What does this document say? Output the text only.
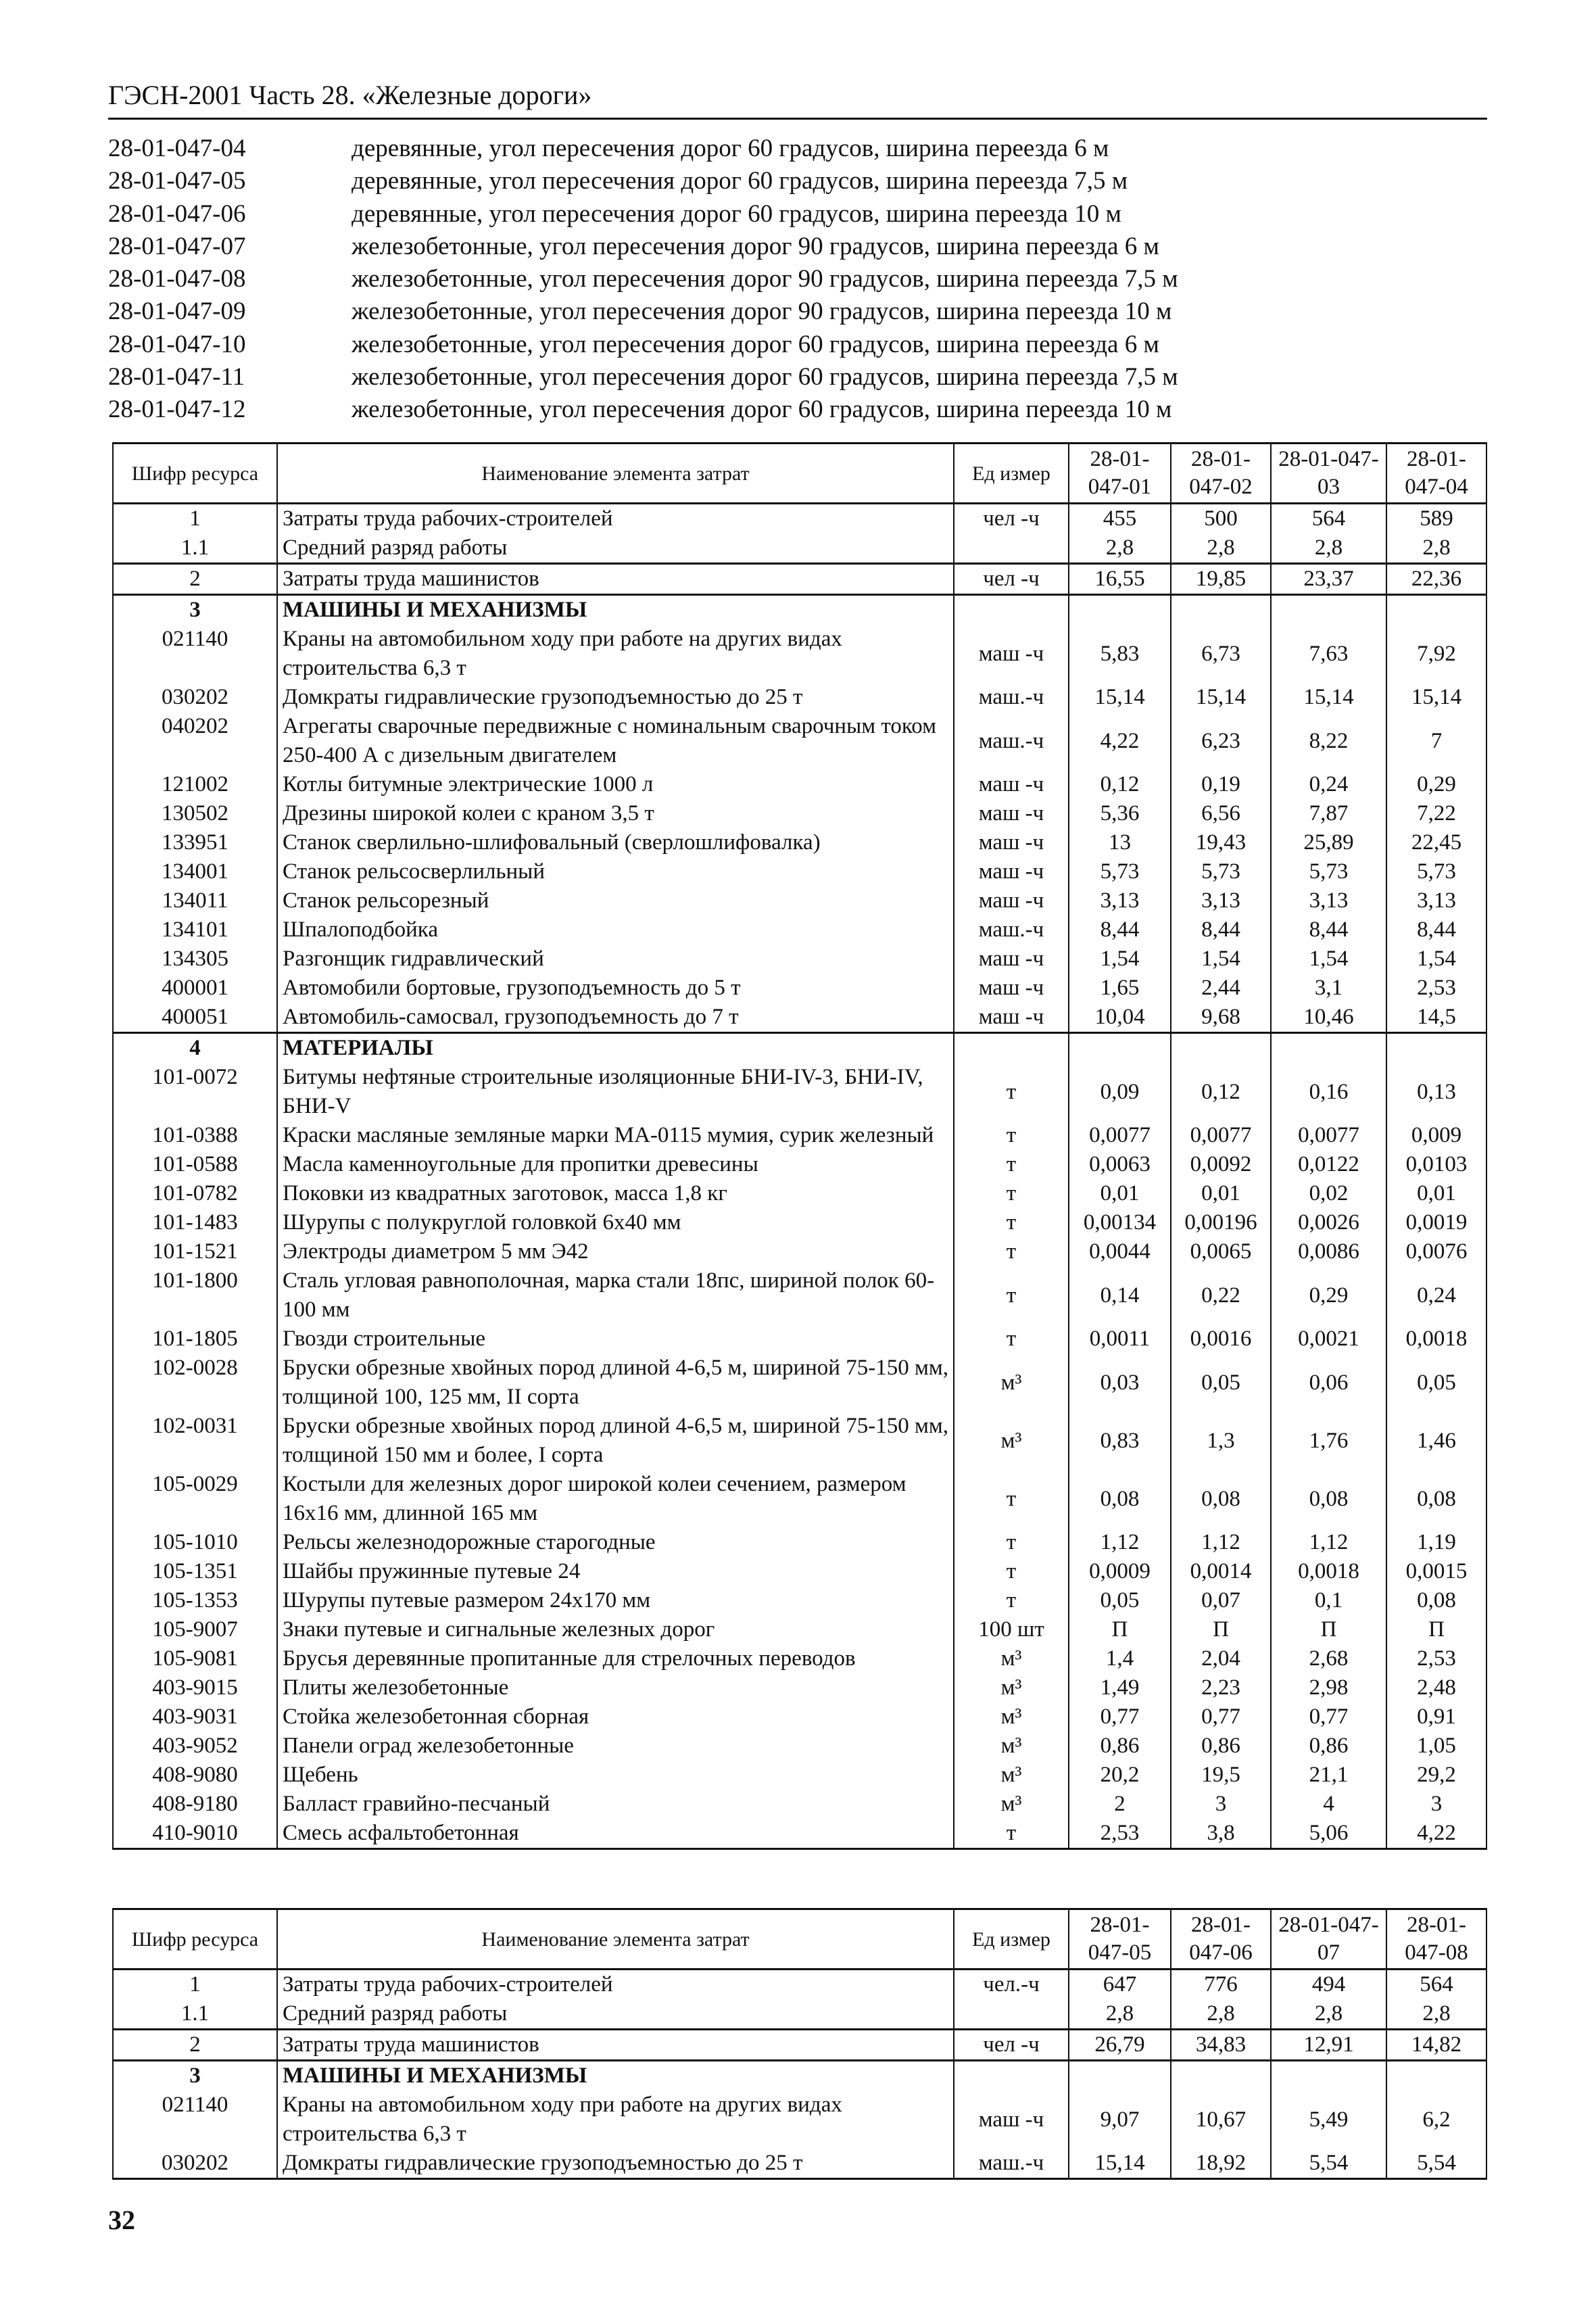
ГЭСН-2001 Часть 28. «Железные дороги»
28-01-047-04	деревянные, угол пересечения дорог 60 градусов, ширина переезда 6 м
28-01-047-05	деревянные, угол пересечения дорог 60 градусов, ширина переезда 7,5 м
28-01-047-06	деревянные, угол пересечения дорог 60 градусов, ширина переезда 10 м
28-01-047-07	железобетонные, угол пересечения дорог 90 градусов, ширина переезда 6 м
28-01-047-08	железобетонные, угол пересечения дорог 90 градусов, ширина переезда 7,5 м
28-01-047-09	железобетонные, угол пересечения дорог 90 градусов, ширина переезда 10 м
28-01-047-10	железобетонные, угол пересечения дорог 60 градусов, ширина переезда 6 м
28-01-047-11	железобетонные, угол пересечения дорог 60 градусов, ширина переезда 7,5 м
28-01-047-12	железобетонные, угол пересечения дорог 60 градусов, ширина переезда 10 м
Шифр ресурса	Наименование элемента затрат	Ед измер	28-01-047-01	28-01-047-02	28-01-047-03	28-01-047-04
1	Затраты труда рабочих-строителей	чел -ч	455	500	564	589
1.1	Средний разряд работы		2,8	2,8	2,8	2,8
2	Затраты труда машинистов	чел -ч	16,55	19,85	23,37	22,36
3	МАШИНЫ И МЕХАНИЗМЫ					
021140	Краны на автомобильном ходу при работе на других видах строительства 6,3 т	маш -ч	5,83	6,73	7,63	7,92
030202	Домкраты гидравлические грузоподъемностью до 25 т	маш.-ч	15,14	15,14	15,14	15,14
040202	Агрегаты сварочные передвижные с номинальным сварочным током 250-400 А с дизельным двигателем	маш.-ч	4,22	6,23	8,22	7
121002	Котлы битумные электрические 1000 л	маш -ч	0,12	0,19	0,24	0,29
130502	Дрезины широкой колеи с краном 3,5 т	маш -ч	5,36	6,56	7,87	7,22
133951	Станок сверлильно-шлифовальный (сверлошлифовалка)	маш -ч	13	19,43	25,89	22,45
134001	Станок рельсосверлильный	маш -ч	5,73	5,73	5,73	5,73
134011	Станок рельсорезный	маш -ч	3,13	3,13	3,13	3,13
134101	Шпалоподбойка	маш.-ч	8,44	8,44	8,44	8,44
134305	Разгонщик гидравлический	маш -ч	1,54	1,54	1,54	1,54
400001	Автомобили бортовые, грузоподъемность до 5 т	маш -ч	1,65	2,44	3,1	2,53
400051	Автомобиль-самосвал, грузоподъемность до 7 т	маш -ч	10,04	9,68	10,46	14,5
4	МАТЕРИАЛЫ					
101-0072	Битумы нефтяные строительные изоляционные БНИ-IV-3, БНИ-IV, БНИ-V	т	0,09	0,12	0,16	0,13
101-0388	Краски масляные земляные марки МА-0115 мумия, сурик железный	т	0,0077	0,0077	0,0077	0,009
101-0588	Масла каменноугольные для пропитки древесины	т	0,0063	0,0092	0,0122	0,0103
101-0782	Поковки из квадратных заготовок, масса 1,8 кг	т	0,01	0,01	0,02	0,01
101-1483	Шурупы с полукруглой головкой 6х40 мм	т	0,00134	0,00196	0,0026	0,0019
101-1521	Электроды диаметром 5 мм Э42	т	0,0044	0,0065	0,0086	0,0076
101-1800	Сталь угловая равнополочная, марка стали 18пс, шириной полок 60-100 мм	т	0,14	0,22	0,29	0,24
101-1805	Гвозди строительные	т	0,0011	0,0016	0,0021	0,0018
102-0028	Бруски обрезные хвойных пород длиной 4-6,5 м, шириной 75-150 мм, толщиной 100, 125 мм, II сорта	м³	0,03	0,05	0,06	0,05
102-0031	Бруски обрезные хвойных пород длиной 4-6,5 м, шириной 75-150 мм, толщиной 150 мм и более, I сорта	м³	0,83	1,3	1,76	1,46
105-0029	Костыли для железных дорог широкой колеи сечением, размером 16х16 мм, длинной 165 мм	т	0,08	0,08	0,08	0,08
105-1010	Рельсы железнодорожные старогодные	т	1,12	1,12	1,12	1,19
105-1351	Шайбы пружинные путевые 24	т	0,0009	0,0014	0,0018	0,0015
105-1353	Шурупы путевые размером 24х170 мм	т	0,05	0,07	0,1	0,08
105-9007	Знаки путевые и сигнальные железных дорог	100 шт	П	П	П	П
105-9081	Брусья деревянные пропитанные для стрелочных переводов	м³	1,4	2,04	2,68	2,53
403-9015	Плиты железобетонные	м³	1,49	2,23	2,98	2,48
403-9031	Стойка железобетонная сборная	м³	0,77	0,77	0,77	0,91
403-9052	Панели оград железобетонные	м³	0,86	0,86	0,86	1,05
408-9080	Щебень	м³	20,2	19,5	21,1	29,2
408-9180	Балласт гравийно-песчаный	м³	2	3	4	3
410-9010	Смесь асфальтобетонная	т	2,53	3,8	5,06	4,22
Шифр ресурса	Наименование элемента затрат	Ед измер	28-01-047-05	28-01-047-06	28-01-047-07	28-01-047-08
1	Затраты труда рабочих-строителей	чел.-ч	647	776	494	564
1.1	Средний разряд работы		2,8	2,8	2,8	2,8
2	Затраты труда машинистов	чел -ч	26,79	34,83	12,91	14,82
3	МАШИНЫ И МЕХАНИЗМЫ					
021140	Краны на автомобильном ходу при работе на других видах строительства 6,3 т	маш -ч	9,07	10,67	5,49	6,2
030202	Домкраты гидравлические грузоподъемностью до 25 т	маш.-ч	15,14	18,92	5,54	5,54
32
